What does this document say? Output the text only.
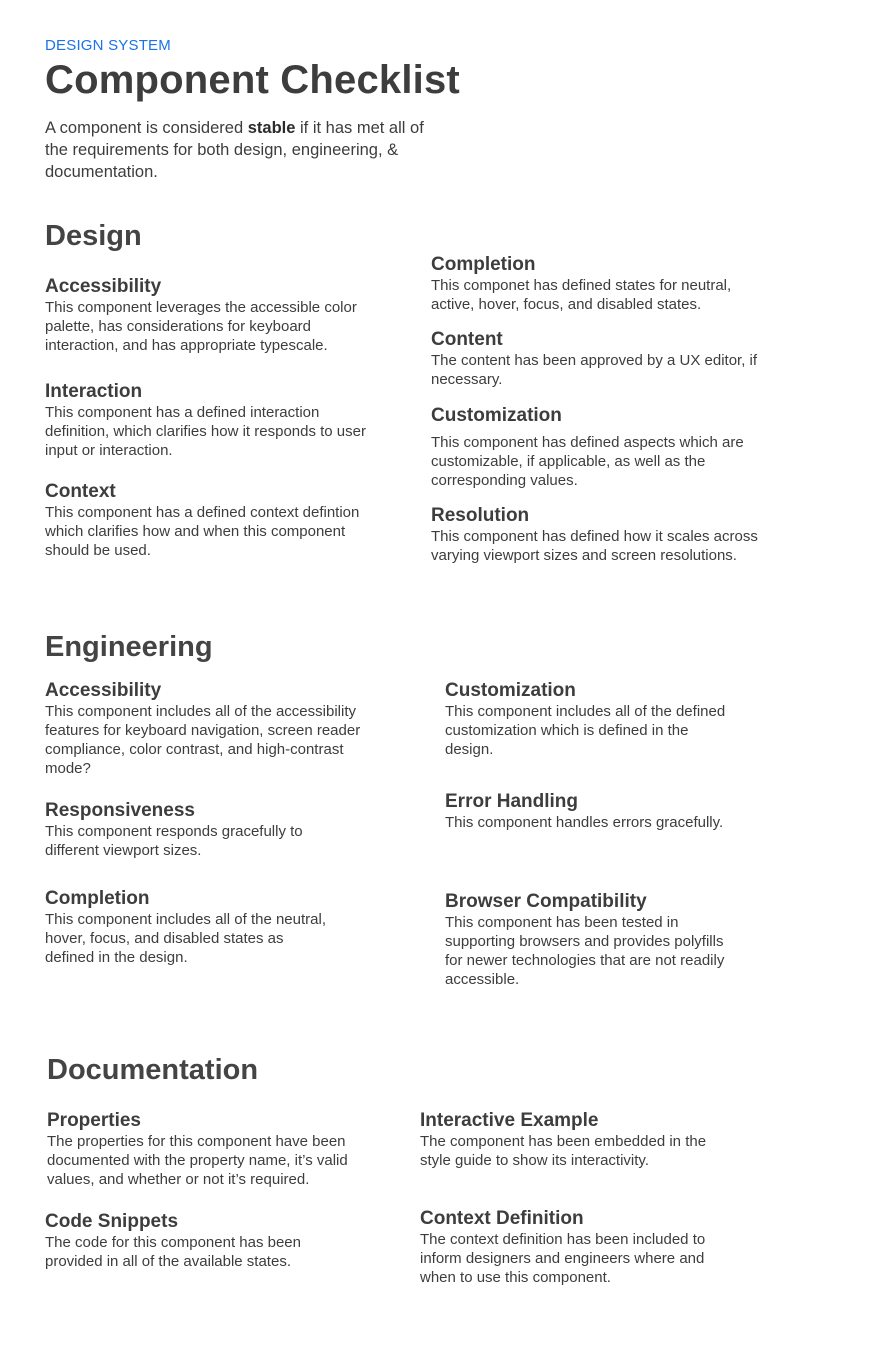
DESIGN SYSTEM
Component Checklist

A component is considered stable if it has met all of the requirements for both design, engineering, & documentation.

Design
Accessibility

This component leverages the accessible color palette, has considerations for keyboard interaction, and has appropriate typescale.

Interaction

This component has a defined interaction definition, which clarifies how it responds to user input or interaction.

Context

This component has a defined context defintion which clarifies how and when this component should be used.

Completion

This componet has defined states for neutral, active, hover, focus, and disabled states.

Content

The content has been approved by a UX editor, if necessary.

Customization

This component has defined aspects which are customizable, if applicable, as well as the corresponding values.

Resolution

This component has defined how it scales across varying viewport sizes and screen resolutions.

Engineering
Accessibility

This component includes all of the accessibility features for keyboard navigation, screen reader compliance, color contrast, and high-contrast mode?

Responsiveness

This component responds gracefully to different viewport sizes.

Completion

This component includes all of the neutral, hover, focus, and disabled states as defined in the design.

Customization

This component includes all of the defined customization which is defined in the design.

Error Handling

This component handles errors gracefully.

Browser Compatibility

This component has been tested in supporting browsers and provides polyfills for newer technologies that are not readily accessible.

Documentation
Properties

The properties for this component have been documented with the property name, it’s valid values, and whether or not it’s required.

Code Snippets

The code for this component has been provided in all of the available states.

Interactive Example

The component has been embedded in the style guide to show its interactivity.

Context Definition

The context definition has been included to inform designers and engineers where and when to use this component.
